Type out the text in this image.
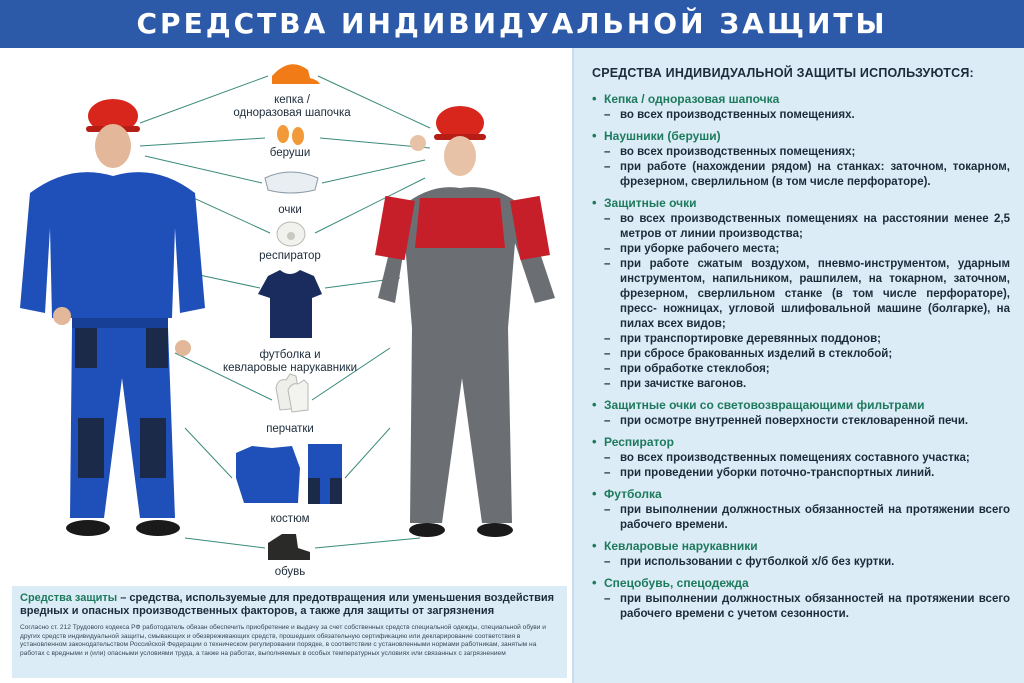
СРЕДСТВА ИНДИВИДУАЛЬНОЙ ЗАЩИТЫ
кепка /
одноразовая шапочка
беруши
очки
респиратор
футболка и
кевларовые нарукавники
перчатки
костюм
обувь
Средства защиты – средства, используемые для предотвращения или уменьшения воздействия вредных и опасных производственных факторов, а также для защиты от загрязнения
Согласно ст. 212 Трудового кодекса РФ работодатель обязан обеспечить приобретение и выдачу за счет собственных средств специальной одежды, специальной обуви и других средств индивидуальной защиты, смывающих и обезвреживающих средств, прошедших обязательную сертификацию или декларирование соответствия в установленном законодательством Российской Федерации о техническом регулировании порядке, в соответствии с установленными нормами работникам, занятым на работах с вредными и (или) опасными условиями труда, а также на работах, выполняемых в особых температурных условиях или связанных с загрязнением
СРЕДСТВА ИНДИВИДУАЛЬНОЙ ЗАЩИТЫ ИСПОЛЬЗУЮТСЯ:
• Кепка / одноразовая шапочка
– во всех производственных помещениях.
• Наушники (беруши)
– во всех производственных помещениях;
– при работе (нахождении рядом) на станках: заточном, токарном, фрезерном, сверлильном (в том числе перфораторе).
• Защитные очки
– во всех производственных помещениях на расстоянии менее 2,5 метров от линии производства;
– при уборке рабочего места;
– при работе сжатым воздухом, пневмо-инструментом, ударным инструментом, напильником, рашпилем, на токарном, заточном, фрезерном, сверлильном станке (в том числе перфораторе), пресс- ножницах, угловой шлифовальной машине (болгарке), на пилах всех видов;
– при транспортировке деревянных поддонов;
– при сбросе бракованных изделий в стеклобой;
– при обработке стеклобоя;
– при зачистке вагонов.
• Защитные очки со световозвращающими фильтрами
– при осмотре внутренней поверхности стекловаренной печи.
• Респиратор
– во всех производственных помещениях составного участка;
– при проведении уборки поточно-транспортных линий.
• Футболка
– при выполнении должностных обязанностей на протяжении всего рабочего времени.
• Кевларовые нарукавники
– при использовании с футболкой х/б без куртки.
• Спецобувь, спецодежда
– при выполнении должностных обязанностей на протяжении всего рабочего времени с учетом сезонности.
